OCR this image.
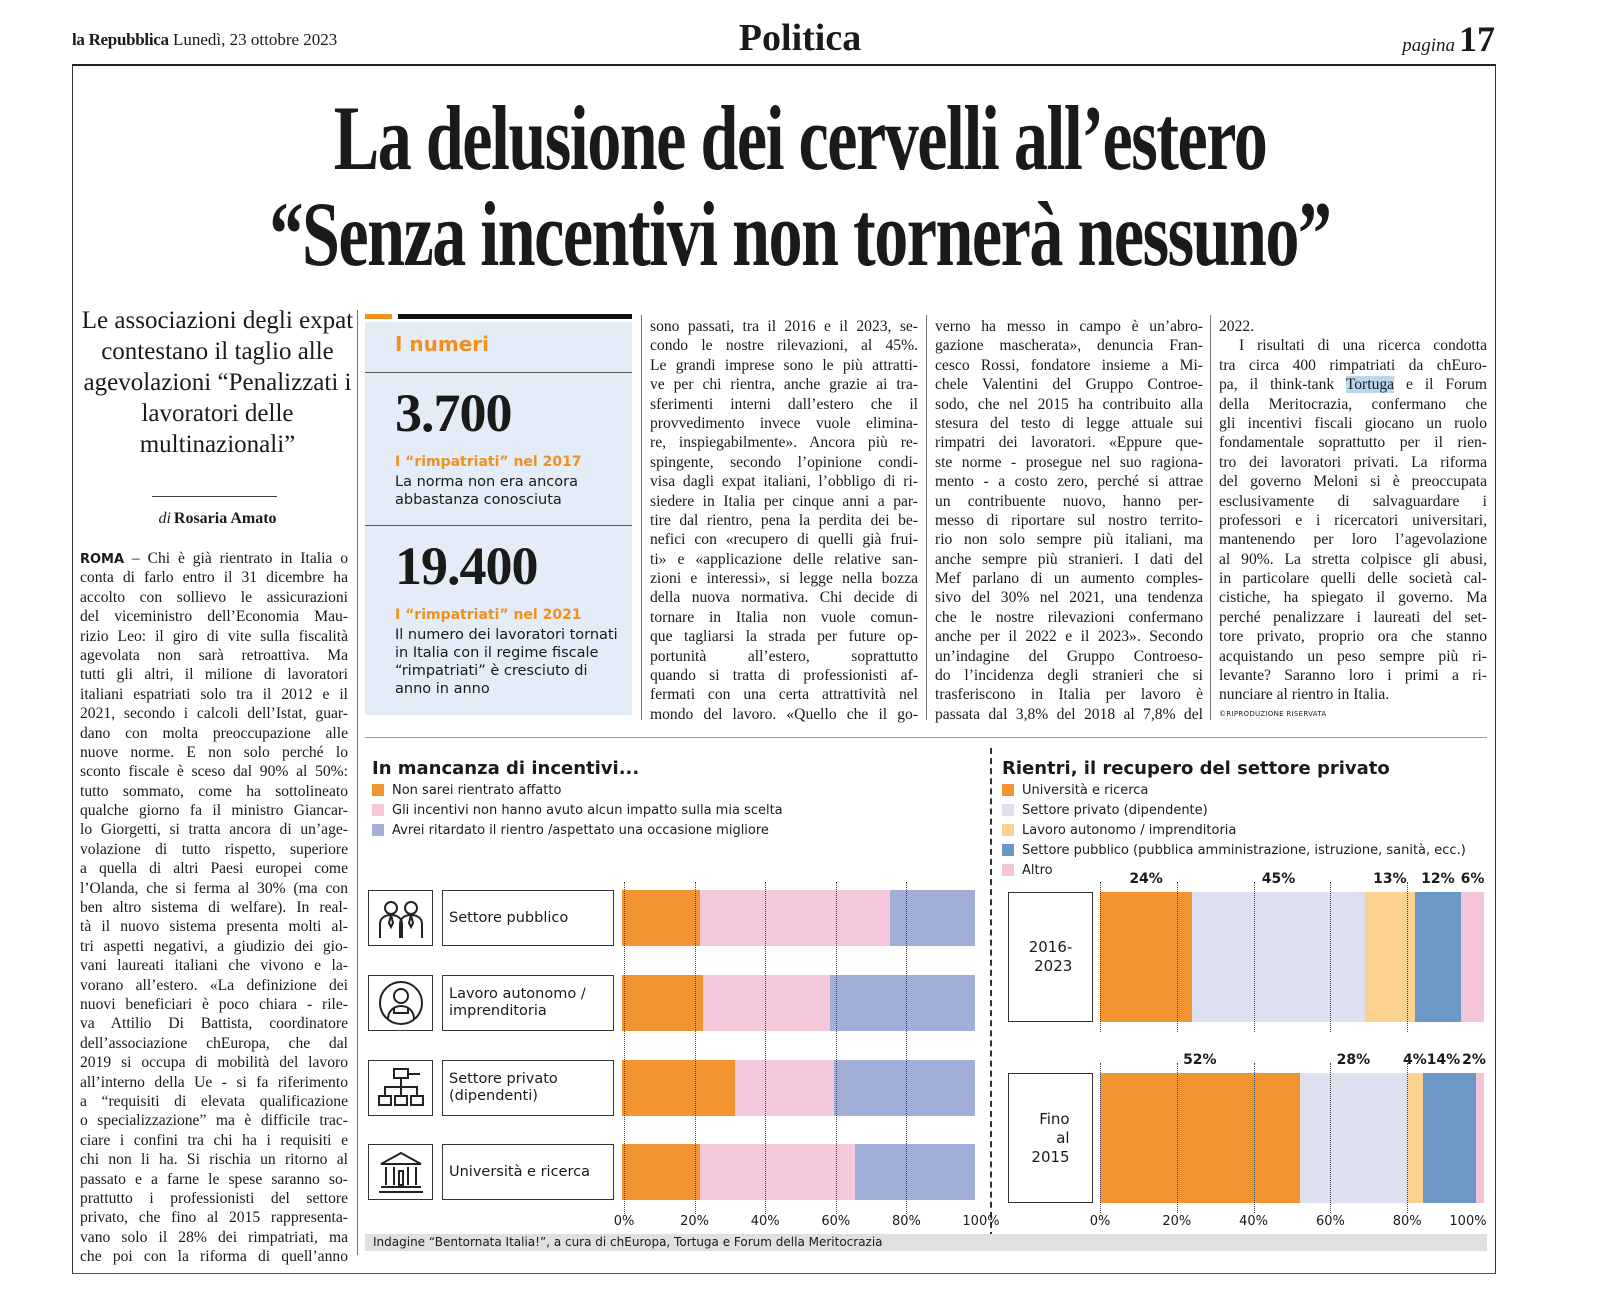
la Repubblica Lunedì, 23 ottobre 2023	Politica	pagina 17
La delusione dei cervelli all’estero
“Senza incentivi non tornerà nessuno”
Le associazioni degli expat contestano il taglio alle agevolazioni “Penalizzati i lavoratori delle multinazionali”
di Rosaria Amato
ROMA – Chi è già rientrato in Italia o
conta di farlo entro il 31 dicembre ha
accolto con sollievo le assicurazioni
del viceministro dell’Economia Mau-
rizio Leo: il giro di vite sulla fiscalità
agevolata non sarà retroattiva. Ma
tutti gli altri, il milione di lavoratori
italiani espatriati solo tra il 2012 e il
2021, secondo i calcoli dell’Istat, guar-
dano con molta preoccupazione alle
nuove norme. E non solo perché lo
sconto fiscale è sceso dal 90% al 50%:
tutto sommato, come ha sottolineato
qualche giorno fa il ministro Giancar-
lo Giorgetti, si tratta ancora di un’age-
volazione di tutto rispetto, superiore
a quella di altri Paesi europei come
l’Olanda, che si ferma al 30% (ma con
ben altro sistema di welfare). In real-
tà il nuovo sistema presenta molti al-
tri aspetti negativi, a giudizio dei gio-
vani laureati italiani che vivono e la-
vorano all’estero. «La definizione dei
nuovi beneficiari è poco chiara - rile-
va Attilio Di Battista, coordinatore
dell’associazione chEuropa, che dal
2019 si occupa di mobilità del lavoro
all’interno della Ue - si fa riferimento
a “requisiti di elevata qualificazione
o specializzazione” ma è difficile trac-
ciare i confini tra chi ha i requisiti e
chi non li ha. Si rischia un ritorno al
passato e a farne le spese saranno so-
prattutto i professionisti del settore
privato, che fino al 2015 rappresenta-
vano solo il 28% dei rimpatriati, ma
che poi con la riforma di quell’anno
sono passati, tra il 2016 e il 2023, se-
condo le nostre rilevazioni, al 45%.
Le grandi imprese sono le più attratti-
ve per chi rientra, anche grazie ai tra-
sferimenti interni dall’estero che il
provvedimento invece vuole elimina-
re, inspiegabilmente». Ancora più re-
spingente, secondo l’opinione condi-
visa dagli expat italiani, l’obbligo di ri-
siedere in Italia per cinque anni a par-
tire dal rientro, pena la perdita dei be-
nefici con «recupero di quelli già frui-
ti» e «applicazione delle relative san-
zioni e interessi», si legge nella bozza
della nuova normativa. Chi decide di
tornare in Italia non vuole comun-
que tagliarsi la strada per future op-
portunità all’estero, soprattutto
quando si tratta di professionisti af-
fermati con una certa attrattività nel
mondo del lavoro. «Quello che il go-
verno ha messo in campo è un’abro-
gazione mascherata», denuncia Fran-
cesco Rossi, fondatore insieme a Mi-
chele Valentini del Gruppo Controe-
sodo, che nel 2015 ha contribuito alla
stesura del testo di legge attuale sui
rimpatri dei lavoratori. «Eppure que-
ste norme - prosegue nel suo ragiona-
mento - a costo zero, perché si attrae
un contribuente nuovo, hanno per-
messo di riportare sul nostro territo-
rio non solo sempre più italiani, ma
anche sempre più stranieri. I dati del
Mef parlano di un aumento comples-
sivo del 30% nel 2021, una tendenza
che le nostre rilevazioni confermano
anche per il 2022 e il 2023». Secondo
un’indagine del Gruppo Controeso-
do l’incidenza degli stranieri che si
trasferiscono in Italia per lavoro è
passata dal 3,8% del 2018 al 7,8% del
2022.
I risultati di una ricerca condotta
tra circa 400 rimpatriati da chEuro-
pa, il think-tank Tortuga e il Forum
della Meritocrazia, confermano che
gli incentivi fiscali giocano un ruolo
fondamentale soprattutto per il rien-
tro dei lavoratori privati. La riforma
del governo Meloni si è preoccupata
esclusivamente di salvaguardare i
professori e i ricercatori universitari,
mantenendo per loro l’agevolazione
al 90%. La stretta colpisce gli abusi,
in particolare quelli delle società cal-
cistiche, ha spiegato il governo. Ma
perché penalizzare i laureati del set-
tore privato, proprio ora che stanno
acquistando un peso sempre più ri-
levante? Saranno loro i primi a ri-
nunciare al rientro in Italia.
©RIPRODUZIONE RISERVATA
I numeri
3.700
I “rimpatriati” nel 2017
La norma non era ancora abbastanza conosciuta
19.400
I “rimpatriati” nel 2021
Il numero dei lavoratori tornati in Italia con il regime fiscale “rimpatriati” è cresciuto di anno in anno
In mancanza di incentivi...
Non sarei rientrato affatto
Gli incentivi non hanno avuto alcun impatto sulla mia scelta
Avrei ritardato il rientro /aspettato una occasione migliore
0%	20%	40%	60%	80%	100%
Settore pubblico
Lavoro autonomo / imprenditoria
Settore privato (dipendenti)
Università e ricerca
Rientri, il recupero del settore privato
Università e ricerca
Settore privato (dipendente)
Lavoro autonomo / imprenditoria
Settore pubblico (pubblica amministrazione, istruzione, sanità, ecc.)
Altro
0%	20%	40%	60%	80% 100%
2016-
2023
24%	45%	13% 12% 6%
Fino
al
2015
52%	28% 4% 14% 2%
Indagine “Bentornata Italia!”, a cura di chEuropa, Tortuga e Forum della Meritocrazia
